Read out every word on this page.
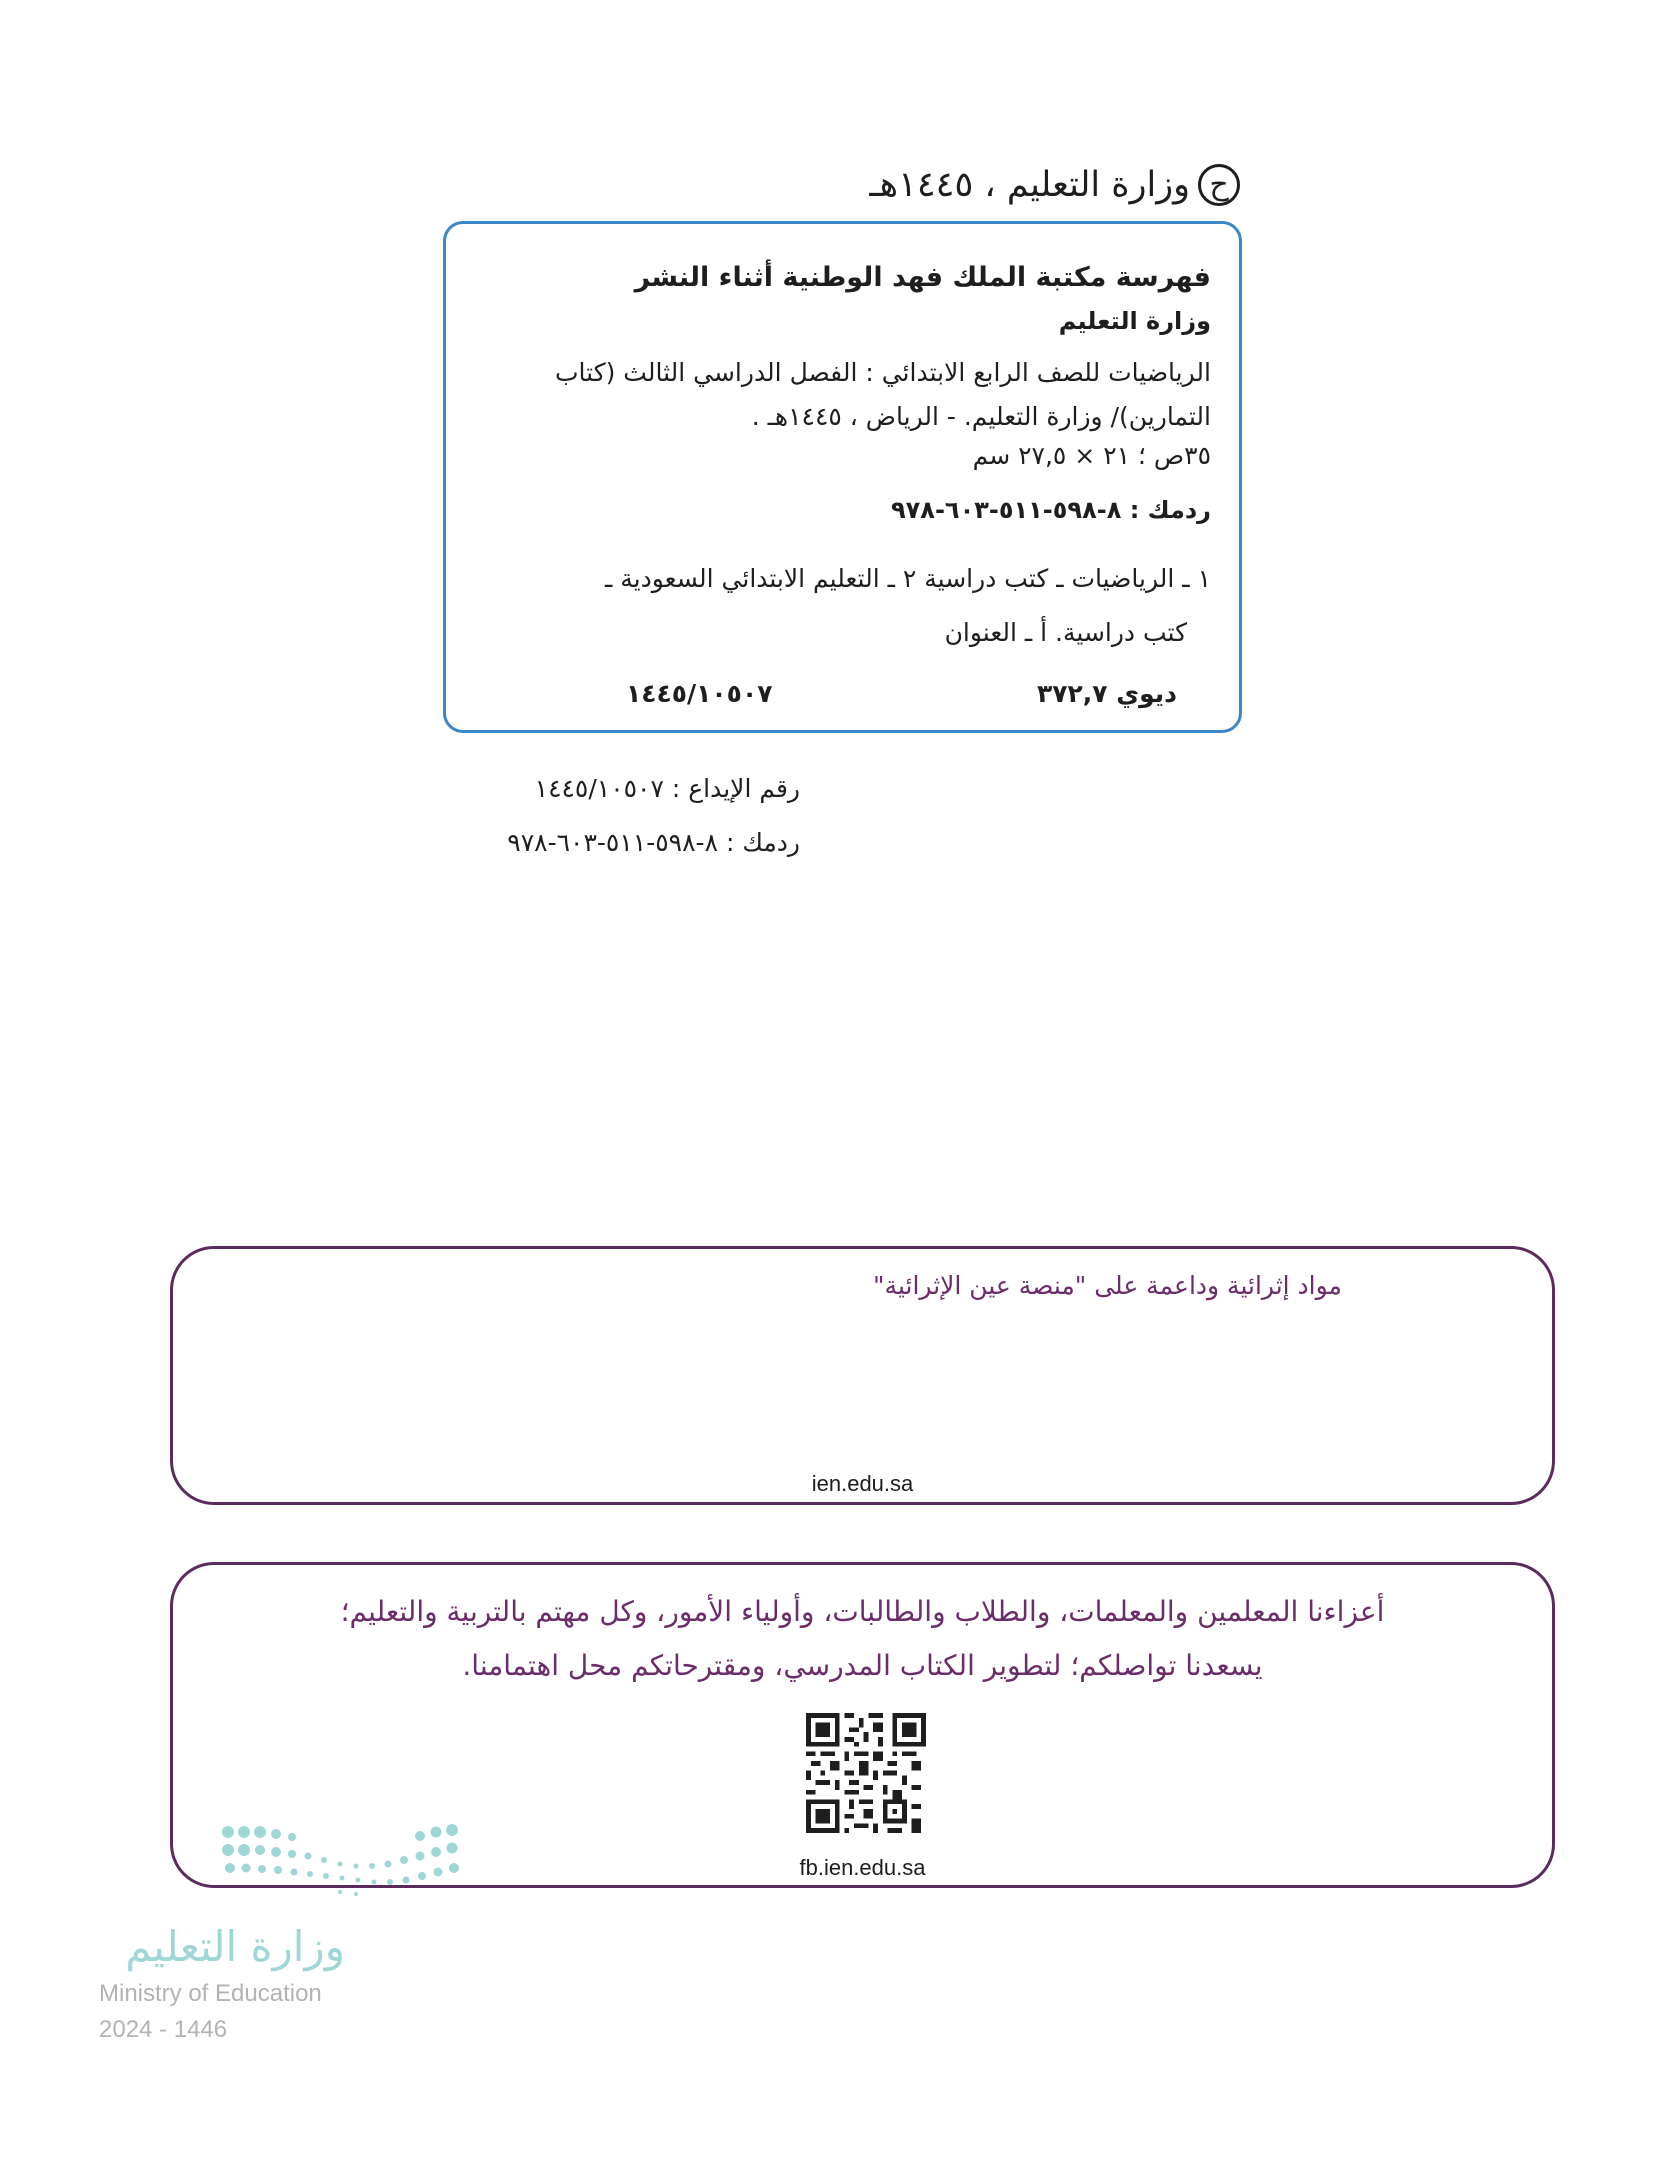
ح
وزارة التعليم ، ١٤٤٥هـ
فهرسة مكتبة الملك فهد الوطنية أثناء النشر
وزارة التعليم
الرياضيات للصف الرابع الابتدائي : الفصل الدراسي الثالث (كتاب التمارين)/ وزارة التعليم. - الرياض ، ١٤٤٥هـ .
٣٥ص ؛ ٢١ × ٢٧,٥ سم
ردمك : ٨-٥٩٨-٥١١-٦٠٣-٩٧٨
١ ـ الرياضيات ـ كتب دراسية ٢ ـ التعليم الابتدائي السعودية ـ
كتب دراسية. أ ـ العنوان
ديوي ٣٧٢,٧
١٤٤٥/١٠٥٠٧
رقم الإيداع : ١٤٤٥/١٠٥٠٧
ردمك : ٨-٥٩٨-٥١١-٦٠٣-٩٧٨
مواد إثرائية وداعمة على "منصة عين الإثرائية"
ien.edu.sa
أعزاءنا المعلمين والمعلمات، والطلاب والطالبات، وأولياء الأمور، وكل مهتم بالتربية والتعليم؛
يسعدنا تواصلكم؛ لتطوير الكتاب المدرسي، ومقترحاتكم محل اهتمامنا.
fb.ien.edu.sa
وزارة التعليم
Ministry of Education
2024 - 1446
